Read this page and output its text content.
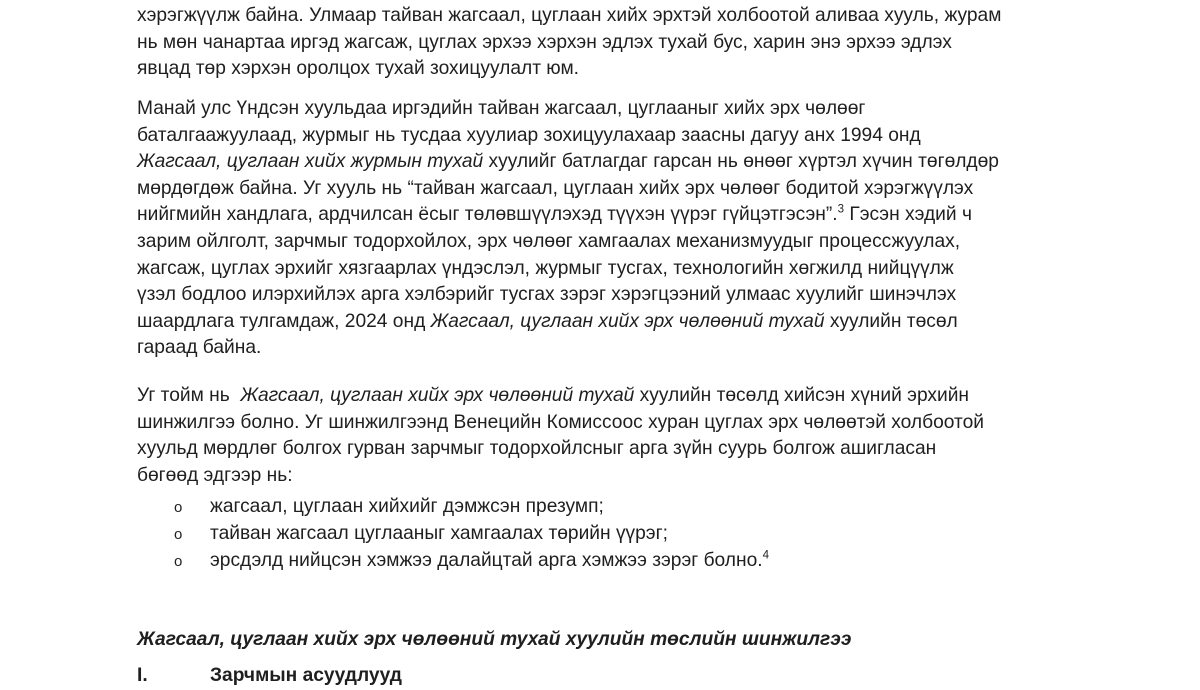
хэрэгжүүлж байна. Улмаар тайван жагсаал, цуглаан хийх эрхтэй холбоотой аливаа хууль, журам
нь мөн чанартаа иргэд жагсаж, цуглах эрхээ хэрхэн эдлэх тухай бус, харин энэ эрхээ эдлэх
явцад төр хэрхэн оролцох тухай зохицуулалт юм.

Манай улс Үндсэн хуульдаа иргэдийн тайван жагсаал, цуглааныг хийх эрх чөлөөг
баталгаажуулаад, журмыг нь тусдаа хуулиар зохицуулахаар заасны дагуу анх 1994 онд
Жагсаал, цуглаан хийх журмын тухай хуулийг батлагдаг гарсан нь өнөөг хүртэл хүчин төгөлдөр
мөрдөгдөж байна. Уг хууль нь “тайван жагсаал, цуглаан хийх эрх чөлөөг бодитой хэрэгжүүлэх
нийгмийн хандлага, ардчилсан ёсыг төлөвшүүлэхэд түүхэн үүрэг гүйцэтгэсэн”.$^3$ Гэсэн хэдий ч
зарим ойлголт, зарчмыг тодорхойлох, эрх чөлөөг хамгаалах механизмуудыг процессжуулах,
жагсаж, цуглах эрхийг хязгаарлах үндэслэл, журмыг тусгах, технологийн хөгжилд нийцүүлж
үзэл бодлоо илэрхийлэх арга хэлбэрийг тусгах зэрэг хэрэгцээний улмаас хуулийг шинэчлэх
шаардлага тулгамдаж, 2024 онд Жагсаал, цуглаан хийх эрх чөлөөний тухай хуулийн төсөл
гараад байна.

Уг тойм нь  Жагсаал, цуглаан хийх эрх чөлөөний тухай хуулийн төсөлд хийсэн хүний эрхийн
шинжилгээ болно. Уг шинжилгээнд Венецийн Комиссоос хуран цуглах эрх чөлөөтэй холбоотой
хуульд мөрдлөг болгох гурван зарчмыг тодорхойлсныг арга зүйн суурь болгож ашигласан
бөгөөд эдгээр нь:

o жагсаал, цуглаан хийхийг дэмжсэн презумп;
o тайван жагсаал цуглааныг хамгаалах төрийн үүрэг;
o эрсдэлд нийцсэн хэмжээ далайцтай арга хэмжээ зэрэг болно.$^4$
Жагсаал, цуглаан хийх эрх чөлөөний тухай хуулийн төслийн шинжилгээ
I.	Зарчмын асуудлууд
